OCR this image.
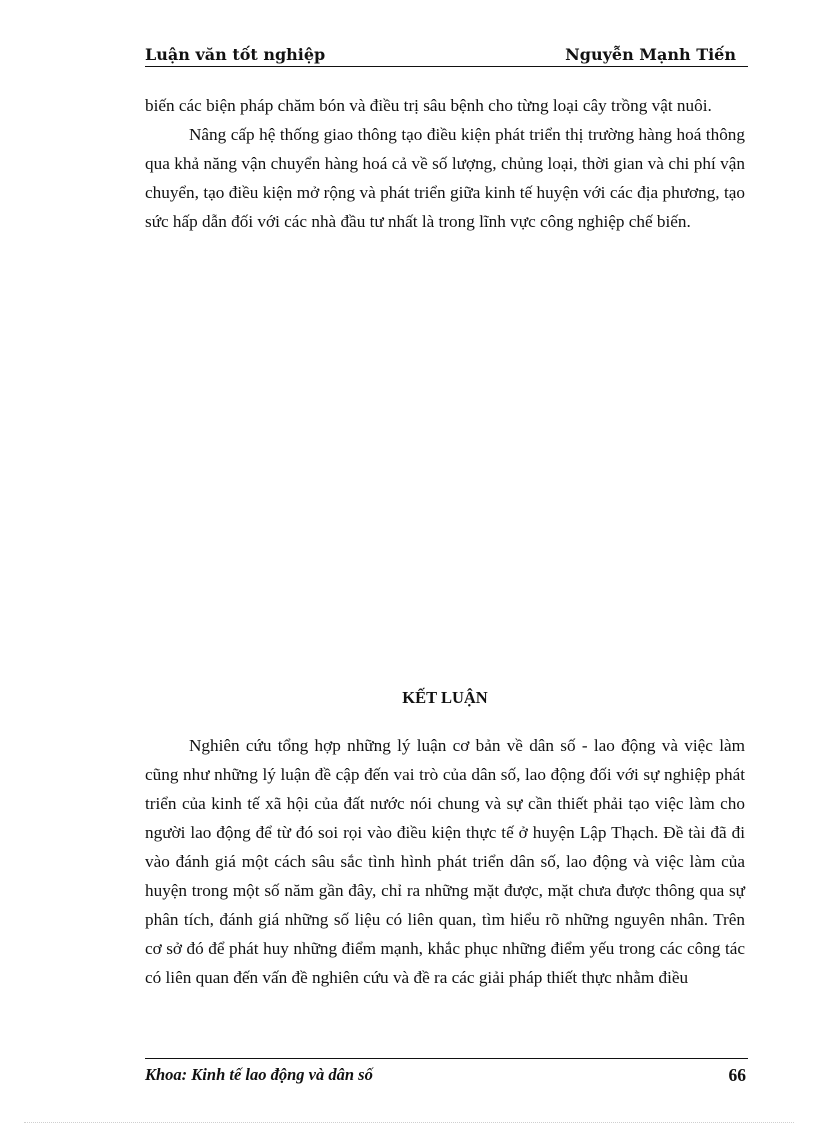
Luận văn tốt nghiệp	Nguyễn Mạnh Tiến

biến các biện pháp chăm bón và điều trị sâu bệnh cho từng loại cây trồng vật nuôi.

Nâng cấp hệ thống giao thông tạo điều kiện phát triển thị trường hàng hoá thông qua khả năng vận chuyển hàng hoá cả về số lượng, chủng loại, thời gian và chi phí vận chuyển, tạo điều kiện mở rộng và phát triển giữa kinh tế huyện với các địa phương, tạo sức hấp dẫn đối với các nhà đầu tư nhất là trong lĩnh vực công nghiệp chế biến.

KẾT LUẬN

Nghiên cứu tổng hợp những lý luận cơ bản về dân số - lao động và việc làm cũng như những lý luận đề cập đến vai trò của dân số, lao động đối với sự nghiệp phát triển của kinh tế xã hội của đất nước nói chung và sự cần thiết phải tạo việc làm cho người lao động để từ đó soi rọi vào điều kiện thực tế ở huyện Lập Thạch. Đề tài đã đi vào đánh giá một cách sâu sắc tình hình phát triển dân số, lao động và việc làm của huyện trong một số năm gần đây, chỉ ra những mặt được, mặt chưa được thông qua sự phân tích, đánh giá những số liệu có liên quan, tìm hiểu rõ những nguyên nhân. Trên cơ sở đó để phát huy những điểm mạnh, khắc phục những điểm yếu trong các công tác có liên quan đến vấn đề nghiên cứu và đề ra các giải pháp thiết thực nhằm điều

Khoa: Kinh tế lao động và dân số	66
